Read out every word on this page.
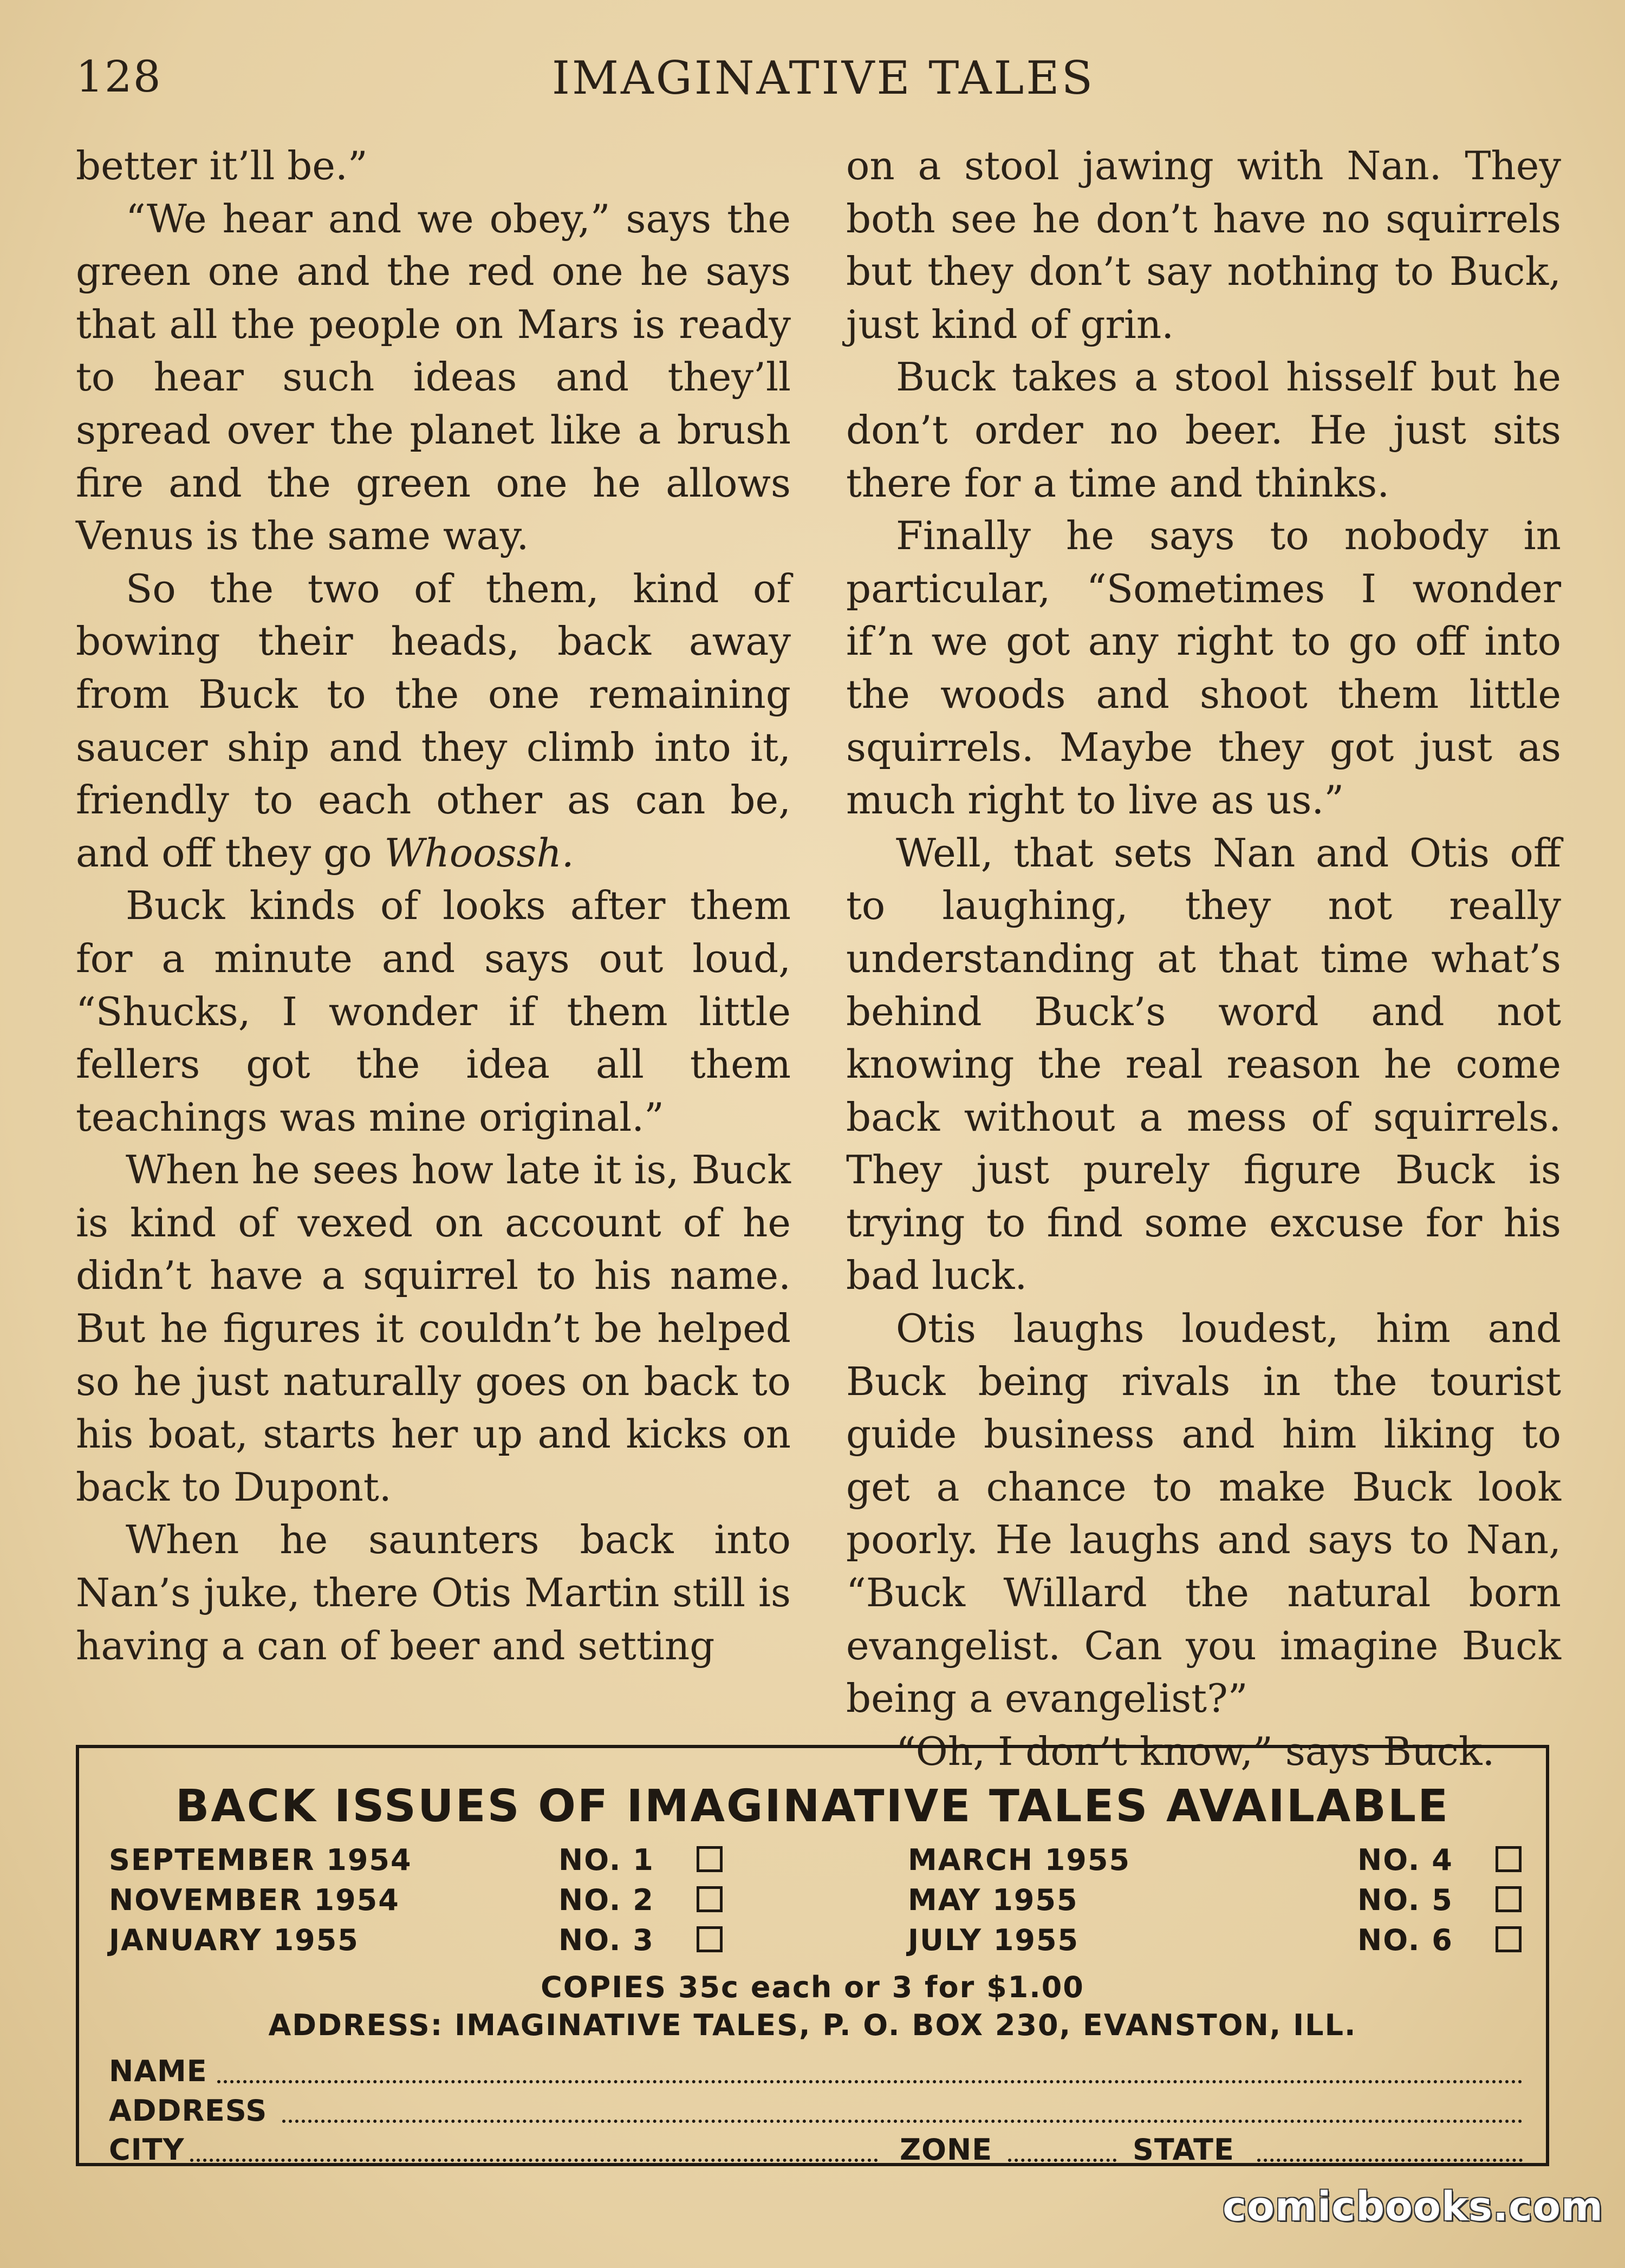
128	IMAGINATIVE TALES

better it’ll be.”

“We hear and we obey,” says the green one and the red one he says that all the people on Mars is ready to hear such ideas and they’ll spread over the planet like a brush fire and the green one he allows Venus is the same way.

So the two of them, kind of bowing their heads, back away from Buck to the one remaining saucer ship and they climb into it, friendly to each other as can be, and off they go Whoossh.

Buck kinds of looks after them for a minute and says out loud, “Shucks, I wonder if them little fellers got the idea all them teachings was mine original.”

When he sees how late it is, Buck is kind of vexed on account of he didn’t have a squirrel to his name. But he figures it couldn’t be helped so he just naturally goes on back to his boat, starts her up and kicks on back to Dupont.

When he saunters back into Nan’s juke, there Otis Martin still is having a can of beer and setting

on a stool jawing with Nan. They both see he don’t have no squirrels but they don’t say nothing to Buck, just kind of grin.

Buck takes a stool hisself but he don’t order no beer. He just sits there for a time and thinks.

Finally he says to nobody in particular, “Sometimes I wonder if’n we got any right to go off into the woods and shoot them little squirrels. Maybe they got just as much right to live as us.”

Well, that sets Nan and Otis off to laughing, they not really understanding at that time what’s behind Buck’s word and not knowing the real reason he come back without a mess of squirrels. They just purely figure Buck is trying to find some excuse for his bad luck.

Otis laughs loudest, him and Buck being rivals in the tourist guide business and him liking to get a chance to make Buck look poorly. He laughs and says to Nan, “Buck Willard the natural born evangelist. Can you imagine Buck being a evangelist?”

“Oh, I don’t know,” says Buck.

BACK ISSUES OF IMAGINATIVE TALES AVAILABLE
SEPTEMBER 1954	NO. 1
NOVEMBER 1954	NO. 2
JANUARY 1955	NO. 3
MARCH 1955	NO. 4
MAY 1955	NO. 5
JULY 1955	NO. 6
COPIES 35c each or 3 for $1.00
ADDRESS: IMAGINATIVE TALES, P. O. BOX 230, EVANSTON, ILL.
NAME
ADDRESS
CITY	ZONE	STATE
comicbooks.com
